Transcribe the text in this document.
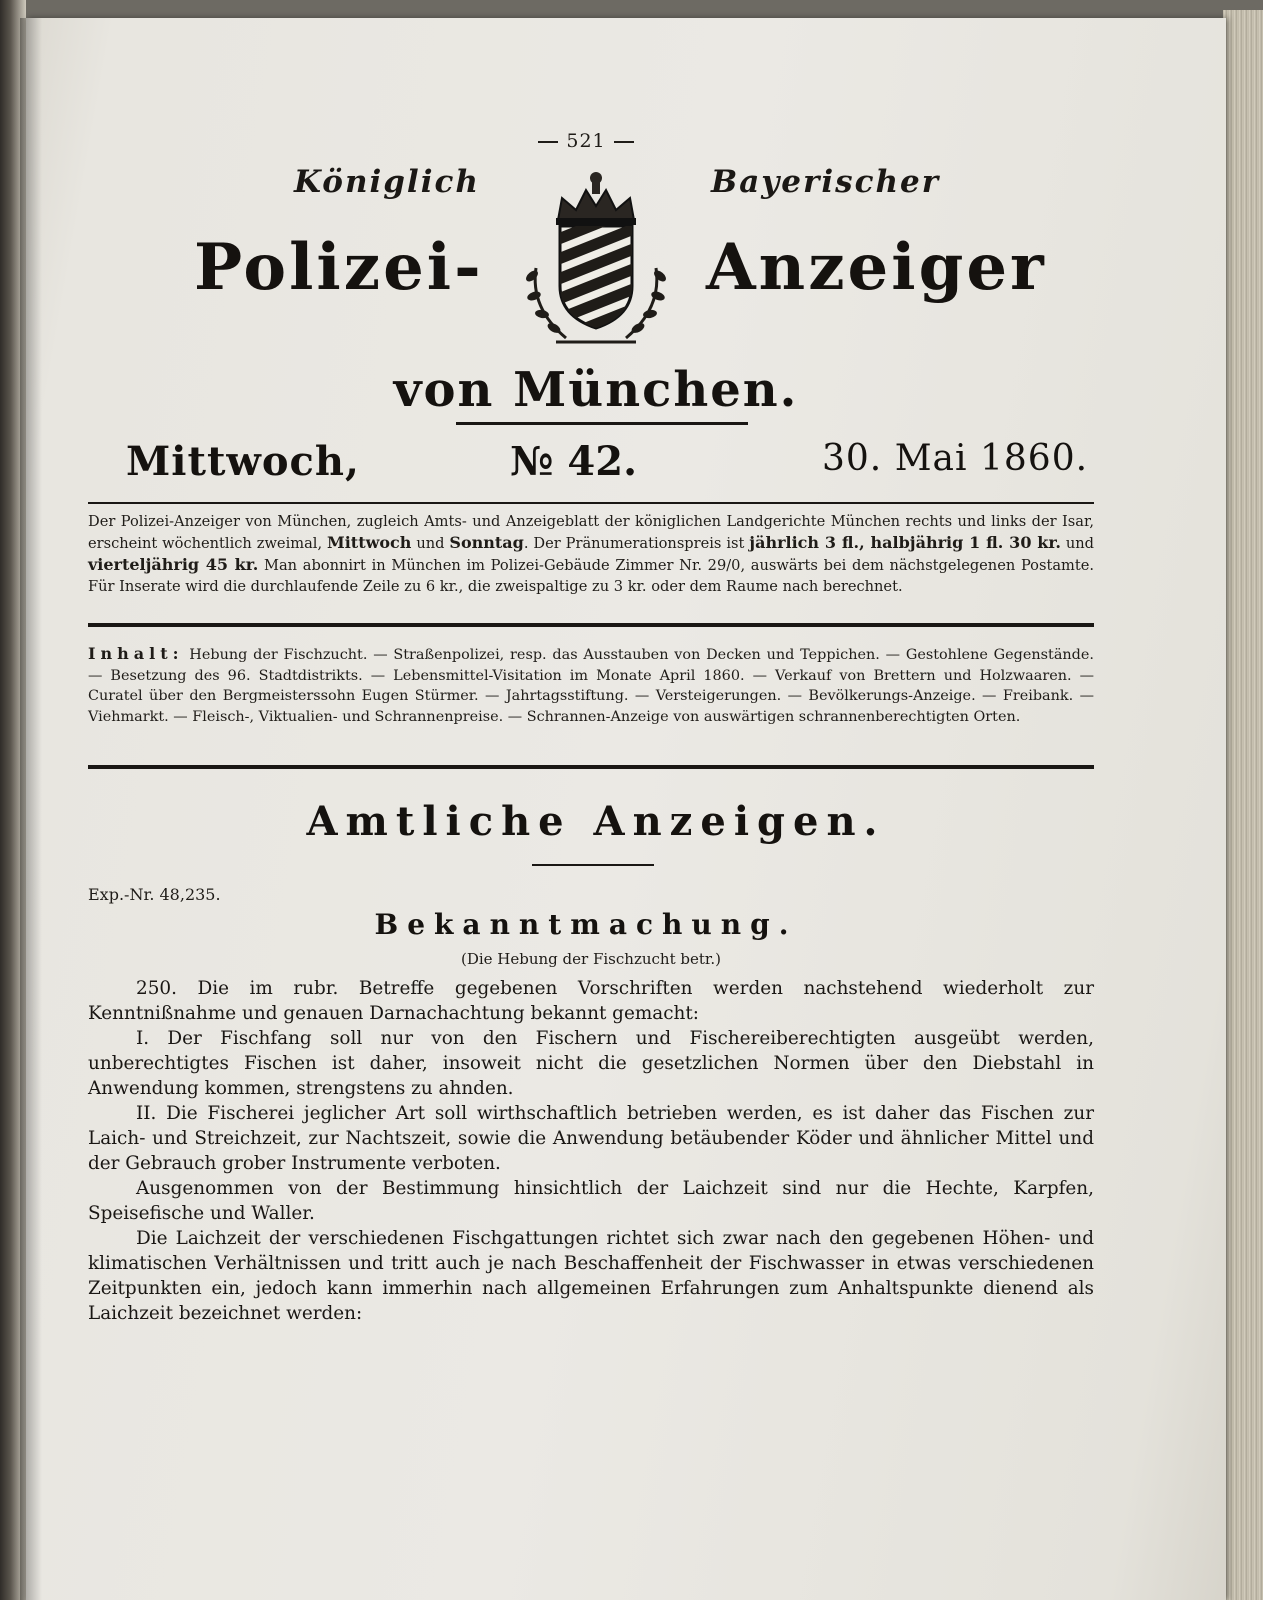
521
Königlich	Bayerischer
Polizei-	Anzeiger
von München.
Mittwoch,	№ 42.	30. Mai 1860.
Der Polizei-Anzeiger von München, zugleich Amts- und Anzeigeblatt der königlichen Landgerichte München rechts und links der Isar, erscheint wöchentlich zweimal, Mittwoch und Sonntag. Der Pränumerationspreis ist jährlich 3 fl., halbjährig 1 fl. 30 kr. und vierteljährig 45 kr. Man abonnirt in München im Polizei-Gebäude Zimmer Nr. 29/0, auswärts bei dem nächstgelegenen Postamte. Für Inserate wird die durchlaufende Zeile zu 6 kr., die zweispaltige zu 3 kr. oder dem Raume nach berechnet.
Inhalt: Hebung der Fischzucht. — Straßenpolizei, resp. das Ausstauben von Decken und Teppichen. — Gestohlene Gegenstände. — Besetzung des 96. Stadtdistrikts. — Lebensmittel-Visitation im Monate April 1860. — Verkauf von Brettern und Holzwaaren. — Curatel über den Bergmeisterssohn Eugen Stürmer. — Jahrtagsstiftung. — Versteigerungen. — Bevölkerungs-Anzeige. — Freibank. — Viehmarkt. — Fleisch-, Viktualien- und Schrannenpreise. — Schrannen-Anzeige von auswärtigen schrannenberechtigten Orten.
Amtliche Anzeigen.
Exp.-Nr. 48,235.
Bekanntmachung.
(Die Hebung der Fischzucht betr.)

250. Die im rubr. Betreffe gegebenen Vorschriften werden nachstehend wiederholt zur Kenntnißnahme und genauen Darnachachtung bekannt gemacht:

I. Der Fischfang soll nur von den Fischern und Fischereiberechtigten ausgeübt werden, unberechtigtes Fischen ist daher, insoweit nicht die gesetzlichen Normen über den Diebstahl in Anwendung kommen, strengstens zu ahnden.

II. Die Fischerei jeglicher Art soll wirthschaftlich betrieben werden, es ist daher das Fischen zur Laich- und Streichzeit, zur Nachtszeit, sowie die Anwendung betäubender Köder und ähnlicher Mittel und der Gebrauch grober Instrumente verboten.

Ausgenommen von der Bestimmung hinsichtlich der Laichzeit sind nur die Hechte, Karpfen, Speisefische und Waller.

Die Laichzeit der verschiedenen Fischgattungen richtet sich zwar nach den gegebenen Höhen- und klimatischen Verhältnissen und tritt auch je nach Beschaffenheit der Fischwasser in etwas verschiedenen Zeitpunkten ein, jedoch kann immerhin nach allgemeinen Erfahrungen zum Anhaltspunkte dienend als Laichzeit bezeichnet werden:
